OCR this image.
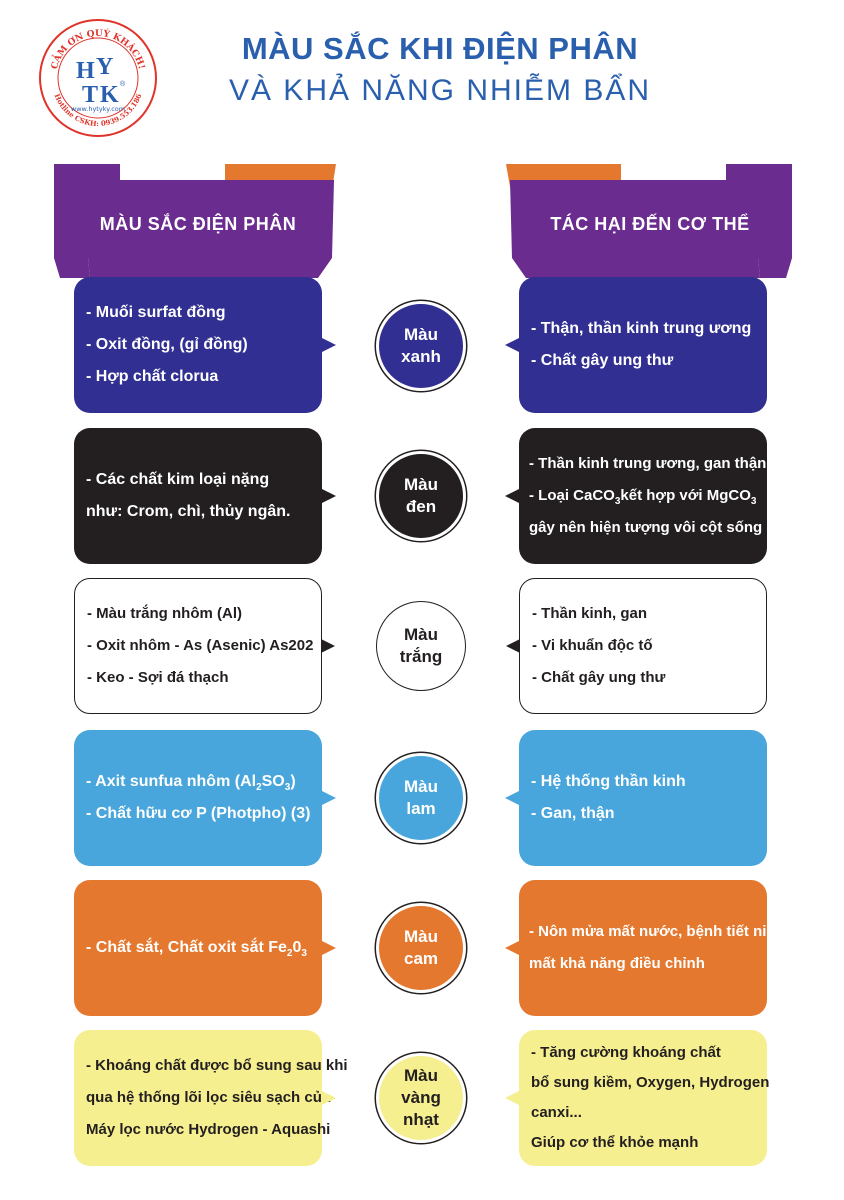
CẢM ƠN QUÝ KHÁCH!
Hotline CSKH: 0939.553.186
H Y
T K ®
www.hytyky.com
MÀU SẮC KHI ĐIỆN PHÂN
VÀ KHẢ NĂNG NHIỄM BẨN
MÀU SẮC ĐIỆN PHÂN	TÁC HẠI ĐẾN CƠ THỂ
- Muối surfat đồng
- Oxit đồng, (gỉ đồng)
- Hợp chất clorua
Màu
xanh
- Thận, thần kinh trung ương
- Chất gây ung thư
- Các chất kim loại nặng
như: Crom, chì, thủy ngân.
Màu
đen
- Thần kinh trung ương, gan thận
- Loại CaCO$_3$kết hợp với MgCO$_3$
gây nên hiện tượng vôi cột sống
- Màu trắng nhôm (Al)
- Oxit nhôm - As (Asenic) As202
- Keo - Sợi đá thạch
Màu
trắng
- Thần kinh, gan
- Vi khuẩn độc tố
- Chất gây ung thư
- Axit sunfua nhôm $(Al_2SO_3)$
- Chất hữu cơ P (Photpho) (3)
Màu
lam
- Hệ thống thần kinh
- Gan, thận
- Chất sắt, Chất oxit sắt $Fe_20_3$
Màu
cam
- Nôn mửa mất nước, bệnh tiết niệu,
mất khả năng điều chỉnh
- Khoáng chất được bổ sung sau khi
qua hệ thống lõi lọc siêu sạch của
Máy lọc nước Hydrogen - Aquashi
Màu
vàng
nhạt
- Tăng cường khoáng chất
bổ sung kiềm, Oxygen, Hydrogen
canxi...
Giúp cơ thể khỏe mạnh
